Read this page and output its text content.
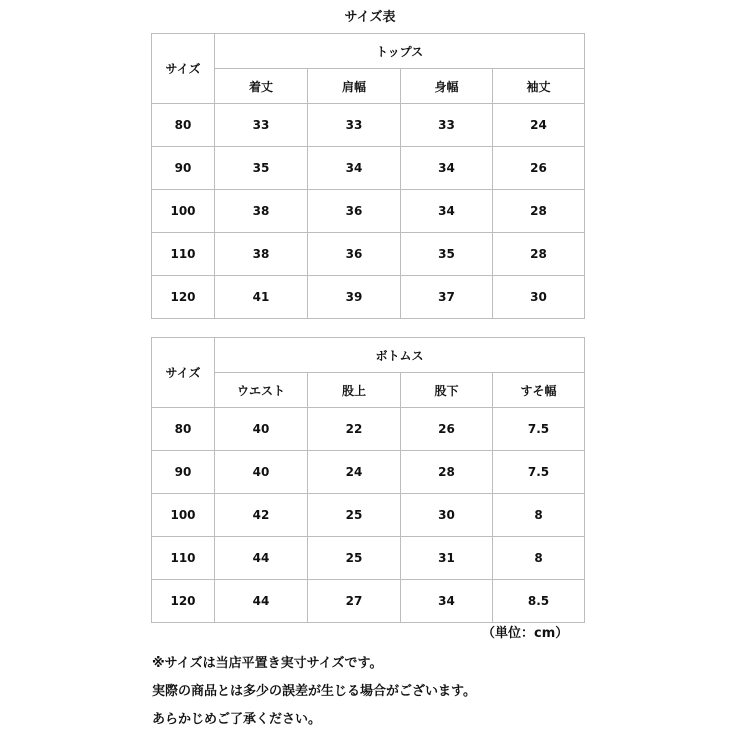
サイズ表
サイズ	トップス			
	着丈	肩幅	身幅	袖丈
80	33	33	33	24
90	35	34	34	26
100	38	36	34	28
110	38	36	35	28
120	41	39	37	30
サイズ	ボトムス			
	ウエスト	股上	股下	すそ幅
80	40	22	26	7.5
90	40	24	28	7.5
100	42	25	30	8
110	44	25	31	8
120	44	27	34	8.5
（単位：cm）
※サイズは当店平置き実寸サイズです。
実際の商品とは多少の誤差が生じる場合がございます。
あらかじめご了承ください。
